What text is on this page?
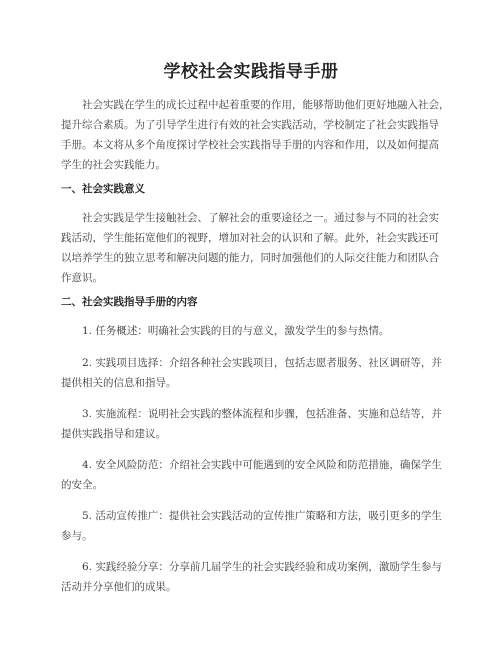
学校社会实践指导手册
社会实践在学生的成长过程中起着重要的作用，能够帮助他们更好地融入社会，
提升综合素质。为了引导学生进行有效的社会实践活动，学校制定了社会实践指导
手册。本文将从多个角度探讨学校社会实践指导手册的内容和作用，以及如何提高
学生的社会实践能力。
一、社会实践意义
社会实践是学生接触社会、了解社会的重要途径之一。通过参与不同的社会实
践活动，学生能拓宽他们的视野，增加对社会的认识和了解。此外，社会实践还可
以培养学生的独立思考和解决问题的能力，同时加强他们的人际交往能力和团队合
作意识。
二、社会实践指导手册的内容
1. 任务概述：明确社会实践的目的与意义，激发学生的参与热情。
2. 实践项目选择：介绍各种社会实践项目，包括志愿者服务、社区调研等，并
提供相关的信息和指导。
3. 实施流程：说明社会实践的整体流程和步骤，包括准备、实施和总结等，并
提供实践指导和建议。
4. 安全风险防范：介绍社会实践中可能遇到的安全风险和防范措施，确保学生
的安全。
5. 活动宣传推广：提供社会实践活动的宣传推广策略和方法，吸引更多的学生
参与。
6. 实践经验分享：分享前几届学生的社会实践经验和成功案例，激励学生参与
活动并分享他们的成果。
